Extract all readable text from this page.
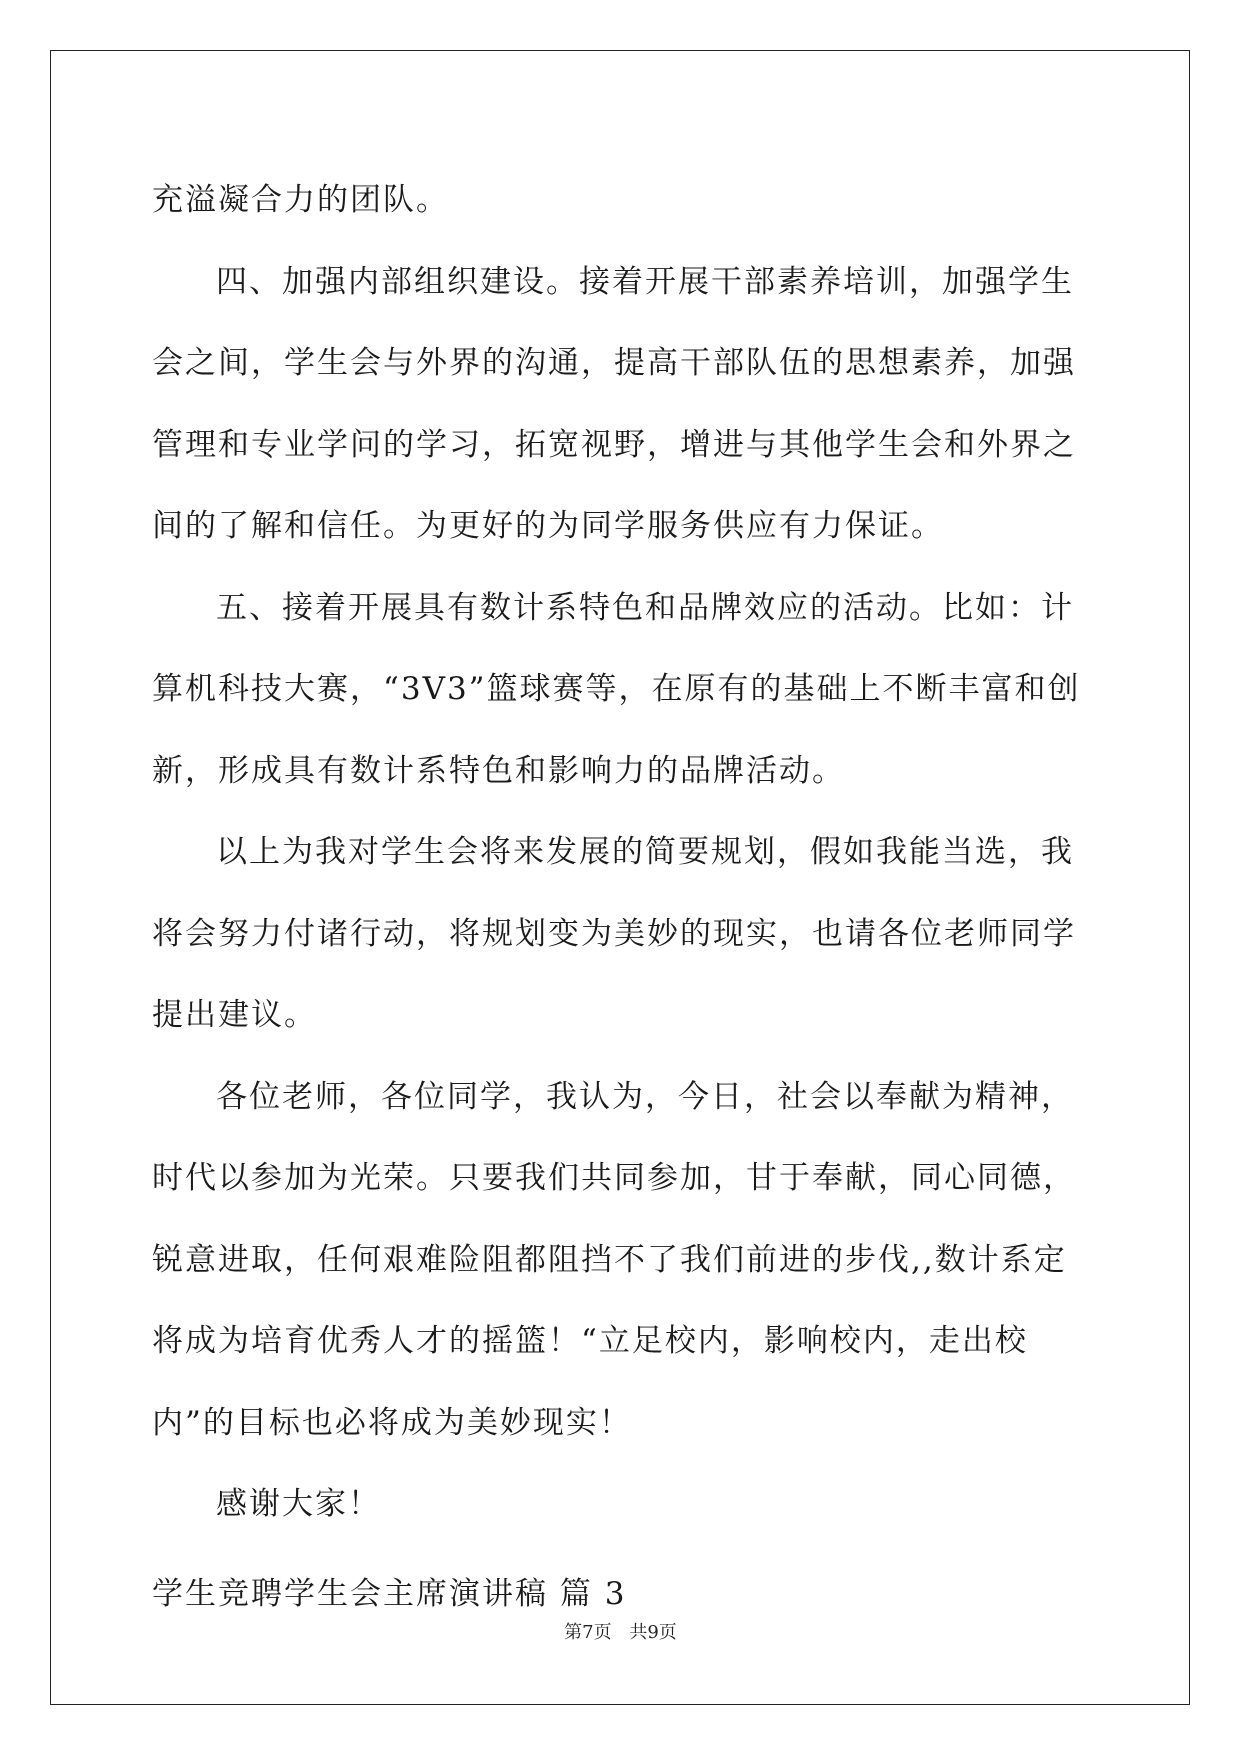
充溢凝合力的团队。

四、加强内部组织建设。接着开展干部素养培训，加强学生会之间，学生会与外界的沟通，提高干部队伍的思想素养，加强管理和专业学问的学习，拓宽视野，增进与其他学生会和外界之间的了解和信任。为更好的为同学服务供应有力保证。

五、接着开展具有数计系特色和品牌效应的活动。比如：计算机科技大赛，“3V3”篮球赛等，在原有的基础上不断丰富和创新，形成具有数计系特色和影响力的品牌活动。

以上为我对学生会将来发展的简要规划，假如我能当选，我将会努力付诸行动，将规划变为美妙的现实，也请各位老师同学提出建议。

各位老师，各位同学，我认为，今日，社会以奉献为精神，时代以参加为光荣。只要我们共同参加，甘于奉献，同心同德，锐意进取，任何艰难险阻都阻挡不了我们前进的步伐,,数计系定将成为培育优秀人才的摇篮！“立足校内，影响校内，走出校内”的目标也必将成为美妙现实！

感谢大家！

学生竞聘学生会主席演讲稿 篇 3

第7页 共9页
